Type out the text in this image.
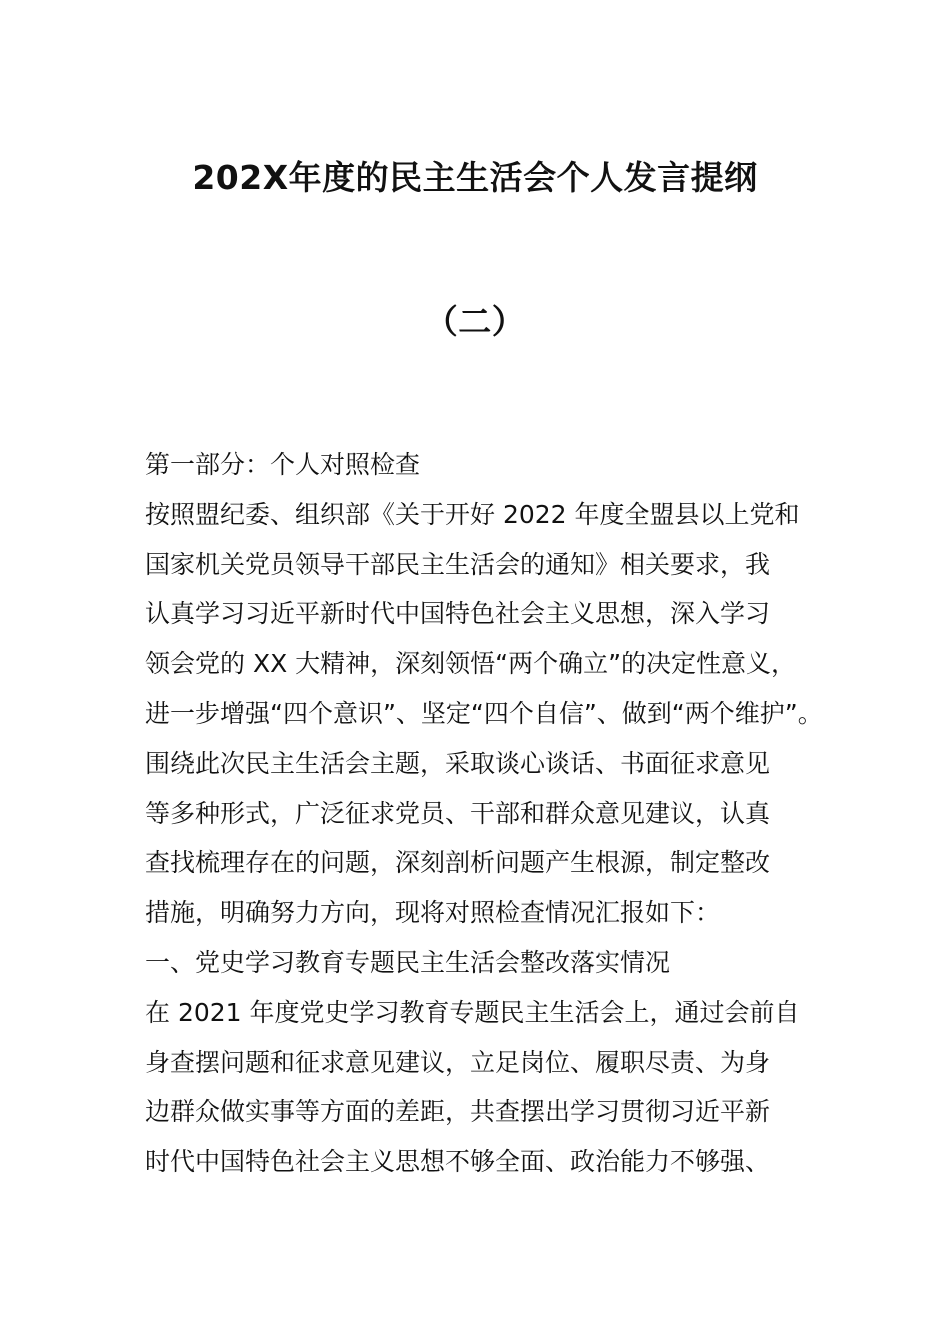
202X年度的民主生活会个人发言提纲
（二）
第一部分：个人对照检查
按照盟纪委、组织部《关于开好 2022 年度全盟县以上党和
国家机关党员领导干部民主生活会的通知》相关要求，我
认真学习习近平新时代中国特色社会主义思想，深入学习
领会党的 XX 大精神，深刻领悟“两个确立”的决定性意义，
进一步增强“四个意识”、坚定“四个自信”、做到“两个维护”。
围绕此次民主生活会主题，采取谈心谈话、书面征求意见
等多种形式，广泛征求党员、干部和群众意见建议，认真
查找梳理存在的问题，深刻剖析问题产生根源，制定整改
措施，明确努力方向，现将对照检查情况汇报如下：
一、党史学习教育专题民主生活会整改落实情况
在 2021 年度党史学习教育专题民主生活会上，通过会前自
身查摆问题和征求意见建议，立足岗位、履职尽责、为身
边群众做实事等方面的差距，共查摆出学习贯彻习近平新
时代中国特色社会主义思想不够全面、政治能力不够强、
